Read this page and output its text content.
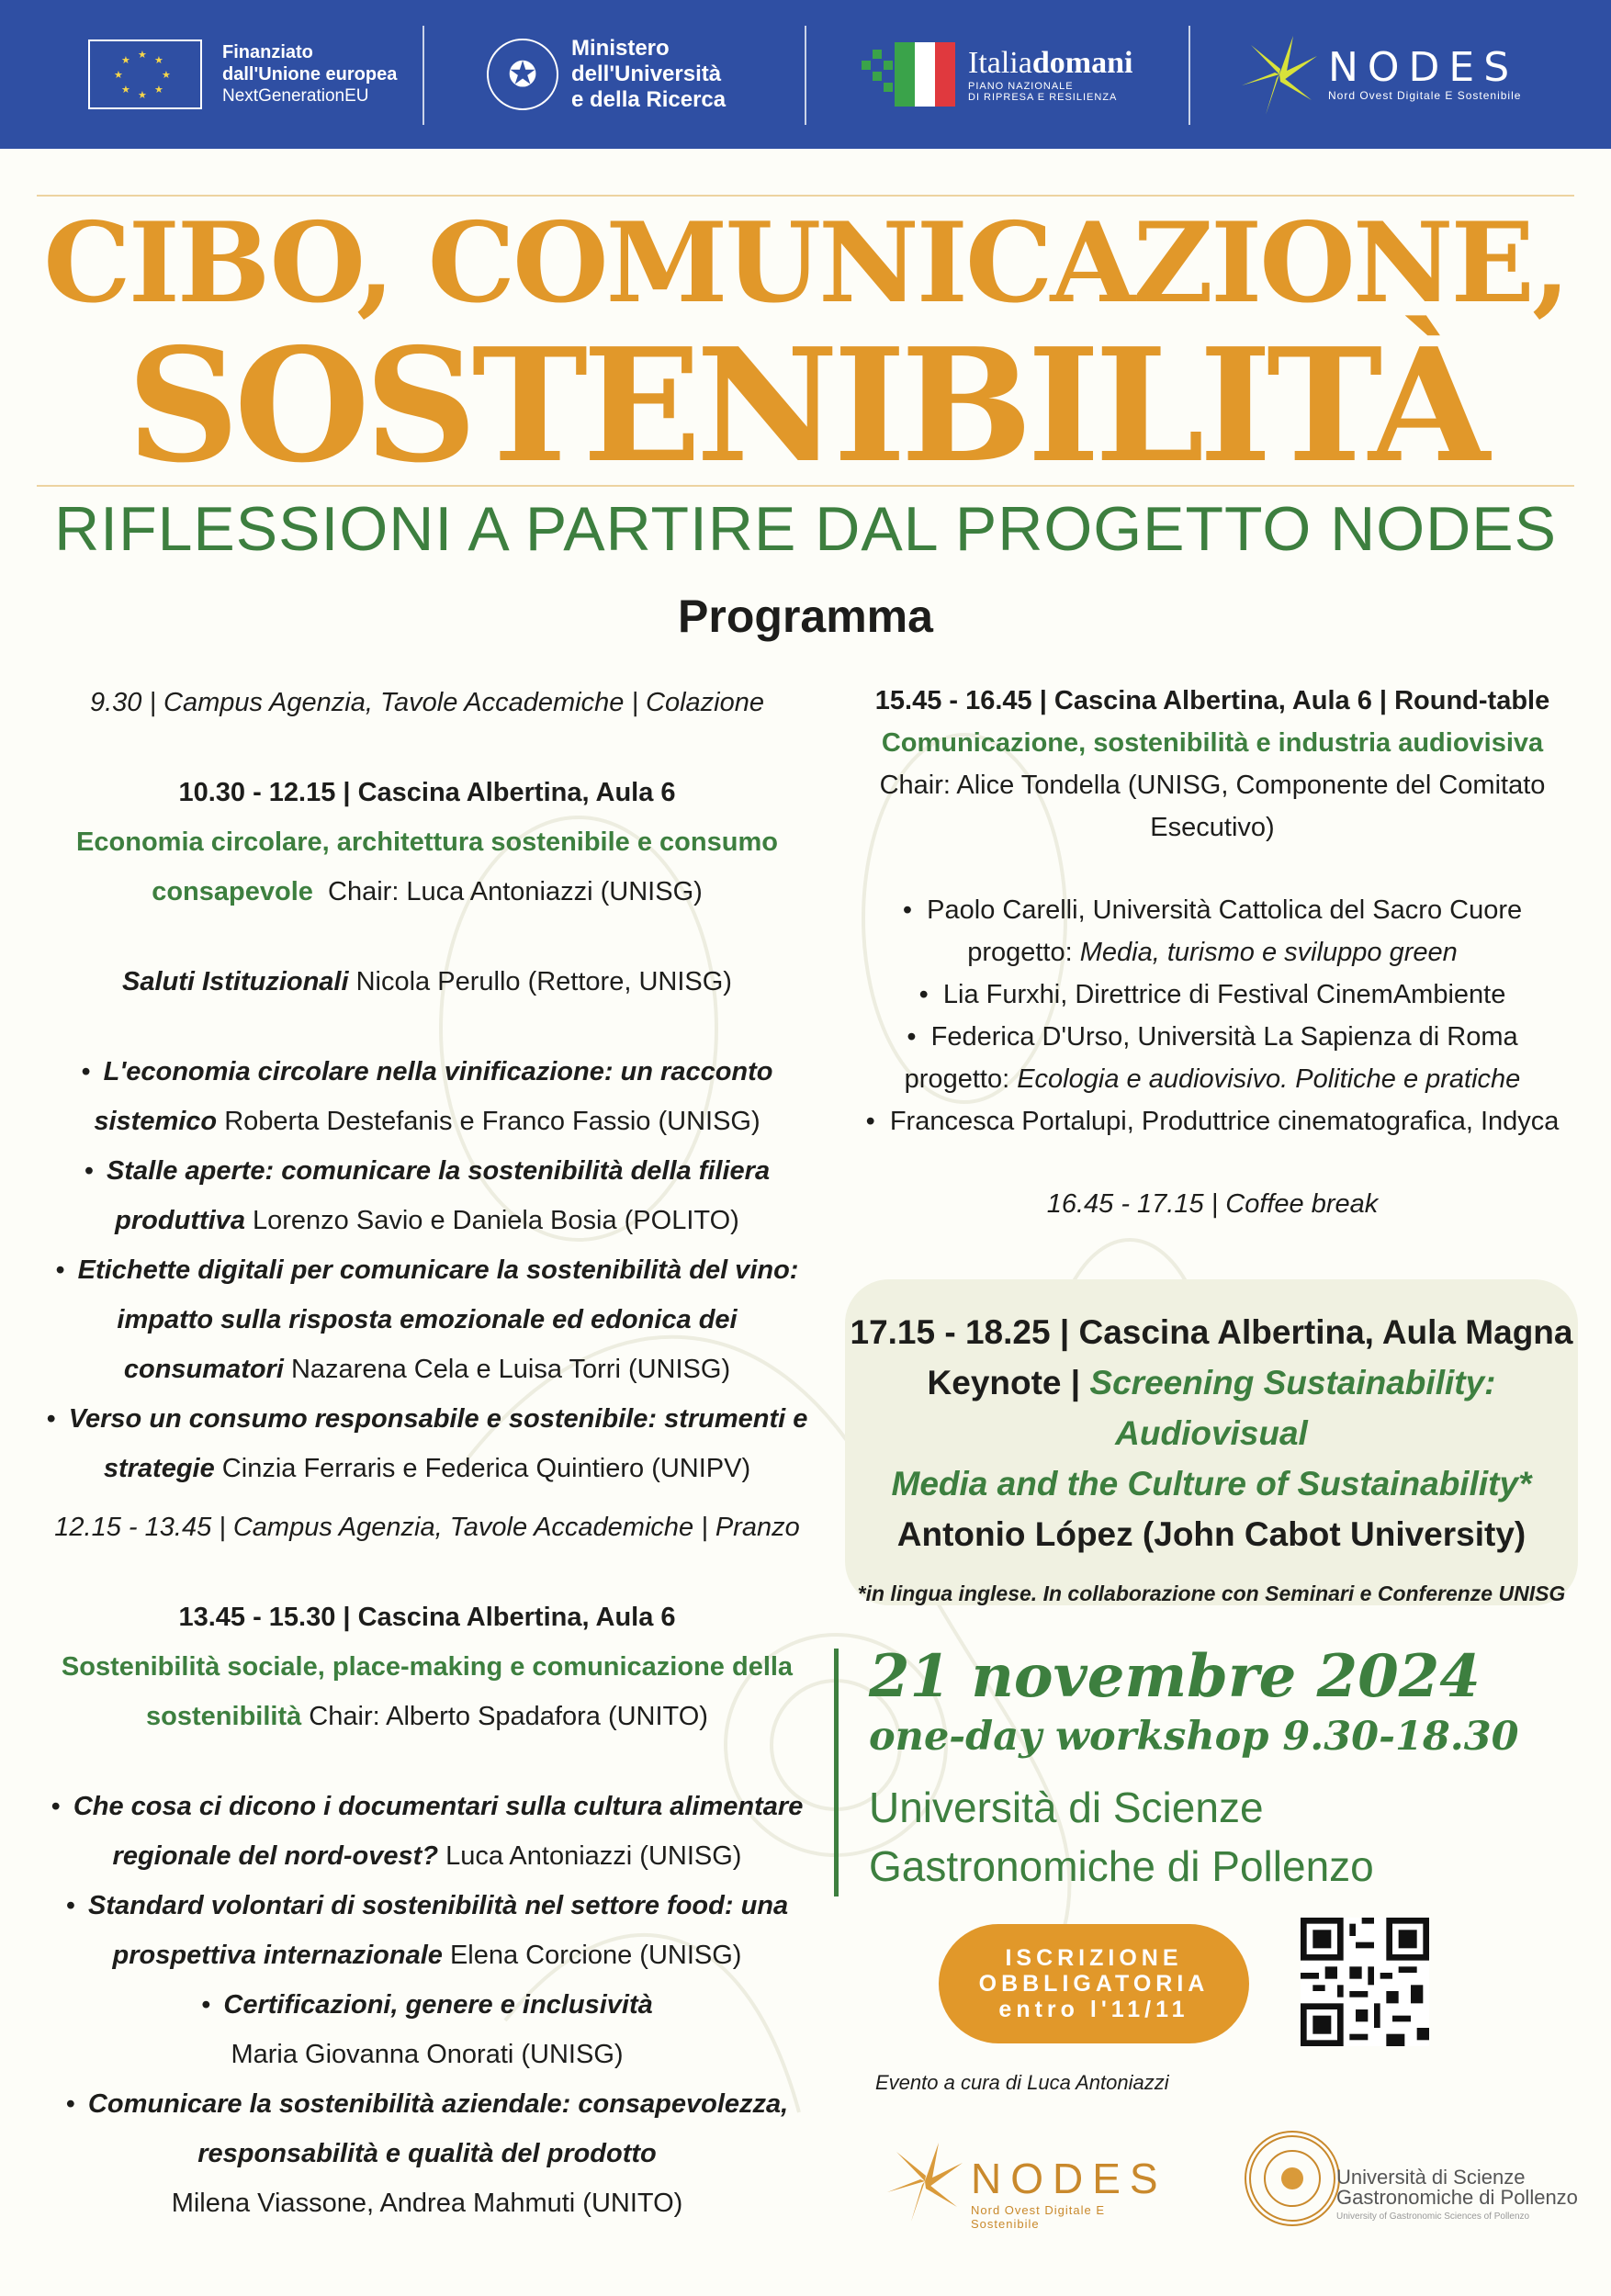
★ ★
★
★
★
★
★
★	Finanziato
dall'Unione europea
NextGenerationEU
✪
Ministero
dell'Università
e della Ricerca
Italiadomani
PIANO NAZIONALE
DI RIPRESA E RESILIENZA
NODES
Nord Ovest Digitale E Sostenibile
CIBO, COMUNICAZIONE,
SOSTENIBILITÀ
RIFLESSIONI A PARTIRE DAL PROGETTO NODES
Programma

9.30 | Campus Agenzia, Tavole Accademiche | Colazione

10.30 - 12.15 | Cascina Albertina, Aula 6

Economia circolare, architettura sostenibile e consumo

consapevole Chair: Luca Antoniazzi (UNISG)

Saluti Istituzionali Nicola Perullo (Rettore, UNISG)

• L'economia circolare nella vinificazione: un racconto
sistemico Roberta Destefanis e Franco Fassio (UNISG)
• Stalle aperte: comunicare la sostenibilità della filiera
produttiva Lorenzo Savio e Daniela Bosia (POLITO)
• Etichette digitali per comunicare la sostenibilità del vino:
impatto sulla risposta emozionale ed edonica dei
consumatori Nazarena Cela e Luisa Torri (UNISG)
• Verso un consumo responsabile e sostenibile: strumenti e
strategie Cinzia Ferraris e Federica Quintiero (UNIPV)

12.15 - 13.45 | Campus Agenzia, Tavole Accademiche | Pranzo

13.45 - 15.30 | Cascina Albertina, Aula 6

Sostenibilità sociale, place-making e comunicazione della

sostenibilità Chair: Alberto Spadafora (UNITO)

• Che cosa ci dicono i documentari sulla cultura alimentare
regionale del nord-ovest? Luca Antoniazzi (UNISG)
• Standard volontari di sostenibilità nel settore food: una
prospettiva internazionale Elena Corcione (UNISG)
• Certificazioni, genere e inclusività
Maria Giovanna Onorati (UNISG)
• Comunicare la sostenibilità aziendale: consapevolezza,
responsabilità e qualità del prodotto
Milena Viassone, Andrea Mahmuti (UNITO)

15.45 - 16.45 | Cascina Albertina, Aula 6 | Round-table

Comunicazione, sostenibilità e industria audiovisiva

Chair: Alice Tondella (UNISG, Componente del Comitato

Esecutivo)

•  Paolo Carelli, Università Cattolica del Sacro Cuore

progetto: Media, turismo e sviluppo green

•  Lia Furxhi, Direttrice di Festival CinemAmbiente

•  Federica D'Urso, Università La Sapienza di Roma

progetto: Ecologia e audiovisivo. Politiche e pratiche

•  Francesca Portalupi, Produttrice cinematografica, Indyca

16.45 - 17.15 | Coffee break

17.15 - 18.25 | Cascina Albertina, Aula Magna
Keynote | Screening Sustainability: Audiovisual
Media and the Culture of Sustainability*
Antonio López (John Cabot University)
*in lingua inglese. In collaborazione con Seminari e Conferenze UNISG
21 novembre 2024
one-day workshop 9.30-18.30
Università di Scienze
Gastronomiche di Pollenzo
ISCRIZIONE
OBBLIGATORIA
entro l'11/11
Evento a cura di Luca Antoniazzi
NODES
Nord Ovest Digitale E Sostenibile
Università di Scienze
Gastronomiche di Pollenzo
University of Gastronomic Sciences of Pollenzo
